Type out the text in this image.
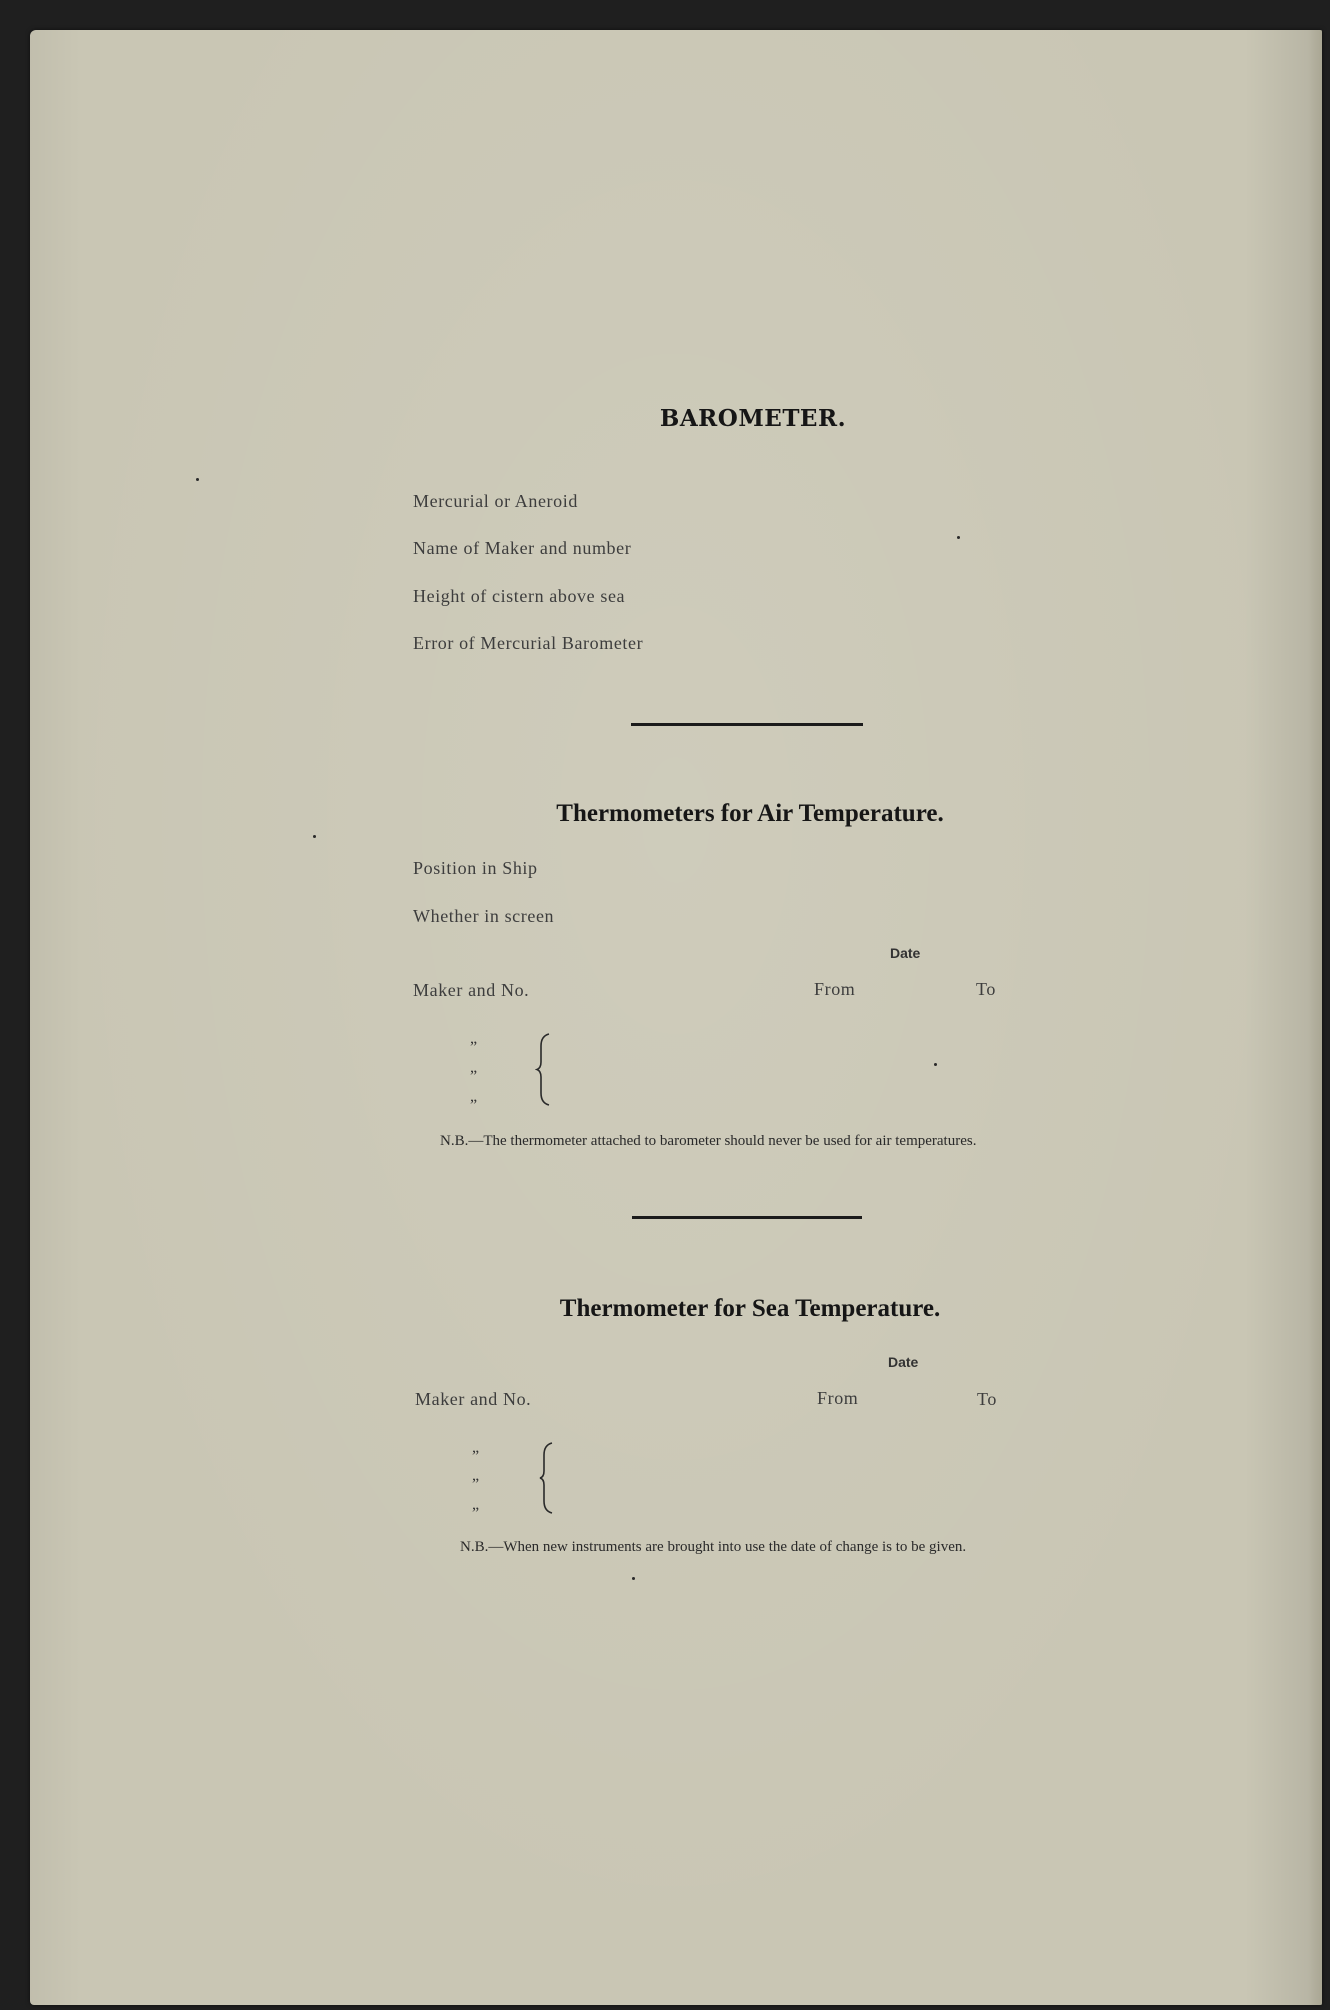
BAROMETER.
Mercurial or Aneroid
Name of Maker and number
Height of cistern above sea
Error of Mercurial Barometer
Thermometers for Air Temperature.
Position in Ship
Whether in screen
Date
Maker and No.	From	To
”
”
”
N.B.—The thermometer attached to barometer should never be used for air temperatures.
Thermometer for Sea Temperature.
Date
Maker and No.	From	To
”
”
”
N.B.—When new instruments are brought into use the date of change is to be given.
